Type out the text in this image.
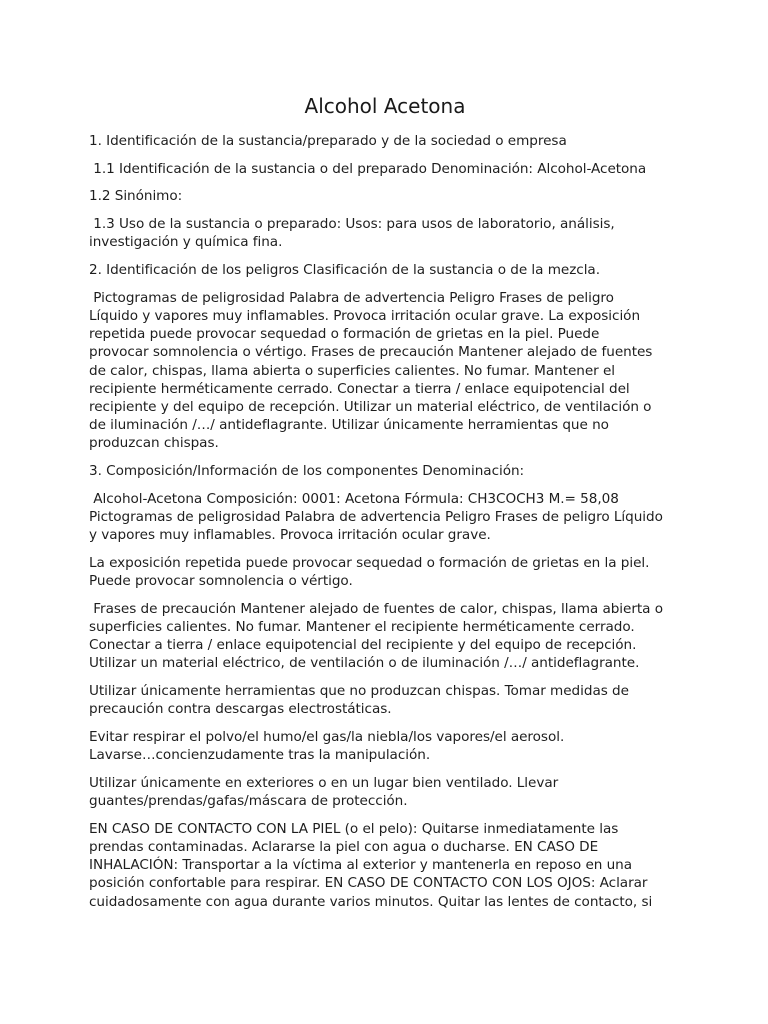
Alcohol Acetona

1. Identificación de la sustancia/preparado y de la sociedad o empresa

1.1 Identificación de la sustancia o del preparado Denominación: Alcohol-Acetona

1.2 Sinónimo:

1.3 Uso de la sustancia o preparado: Usos: para usos de laboratorio, análisis,
investigación y química fina.

2. Identificación de los peligros Clasificación de la sustancia o de la mezcla.

Pictogramas de peligrosidad Palabra de advertencia Peligro Frases de peligro
Líquido y vapores muy inflamables. Provoca irritación ocular grave. La exposición
repetida puede provocar sequedad o formación de grietas en la piel. Puede
provocar somnolencia o vértigo. Frases de precaución Mantener alejado de fuentes
de calor, chispas, llama abierta o superficies calientes. No fumar. Mantener el
recipiente herméticamente cerrado. Conectar a tierra / enlace equipotencial del
recipiente y del equipo de recepción. Utilizar un material eléctrico, de ventilación o
de iluminación /…/ antideflagrante. Utilizar únicamente herramientas que no
produzcan chispas.

3. Composición/Información de los componentes Denominación:

Alcohol-Acetona Composición: 0001: Acetona Fórmula: CH3COCH3 M.= 58,08
Pictogramas de peligrosidad Palabra de advertencia Peligro Frases de peligro Líquido
y vapores muy inflamables. Provoca irritación ocular grave.

La exposición repetida puede provocar sequedad o formación de grietas en la piel.
Puede provocar somnolencia o vértigo.

Frases de precaución Mantener alejado de fuentes de calor, chispas, llama abierta o
superficies calientes. No fumar. Mantener el recipiente herméticamente cerrado.
Conectar a tierra / enlace equipotencial del recipiente y del equipo de recepción.
Utilizar un material eléctrico, de ventilación o de iluminación /…/ antideflagrante.

Utilizar únicamente herramientas que no produzcan chispas. Tomar medidas de
precaución contra descargas electrostáticas.

Evitar respirar el polvo/el humo/el gas/la niebla/los vapores/el aerosol.
Lavarse…concienzudamente tras la manipulación.

Utilizar únicamente en exteriores o en un lugar bien ventilado. Llevar
guantes/prendas/gafas/máscara de protección.

EN CASO DE CONTACTO CON LA PIEL (o el pelo): Quitarse inmediatamente las
prendas contaminadas. Aclararse la piel con agua o ducharse. EN CASO DE
INHALACIÓN: Transportar a la víctima al exterior y mantenerla en reposo en una
posición confortable para respirar. EN CASO DE CONTACTO CON LOS OJOS: Aclarar
cuidadosamente con agua durante varios minutos. Quitar las lentes de contacto, si
